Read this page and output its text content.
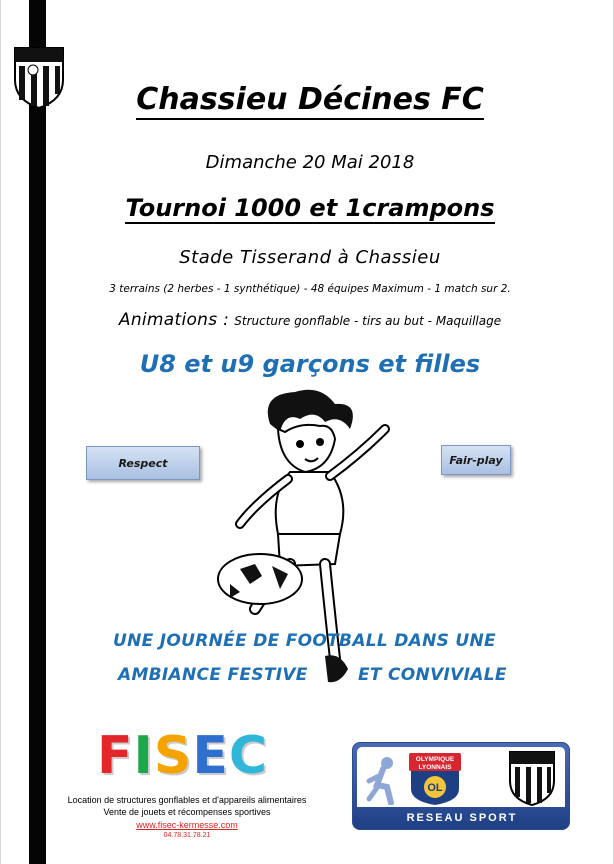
Chassieu Décines FC
Dimanche 20 Mai 2018
Tournoi 1000 et 1crampons
Stade Tisserand à Chassieu
3 terrains (2 herbes - 1 synthétique) - 48 équipes Maximum - 1 match sur 2.
Animations : Structure gonflable - tirs au but - Maquillage
U8 et u9 garçons et filles
Respect	Fair-play
UNE JOURNÉE DE FOOTBALL DANS UNE
AMBIANCE FESTIVE	ET CONVIVIALE
F I S E C
Location de structures gonflables et d'appareils alimentaires
Vente de jouets et récompenses sportives
www.fisec-kermesse.com
04.78.31.78.21
OLYMPIQUE
LYONNAIS
OL
RESEAU SPORT
